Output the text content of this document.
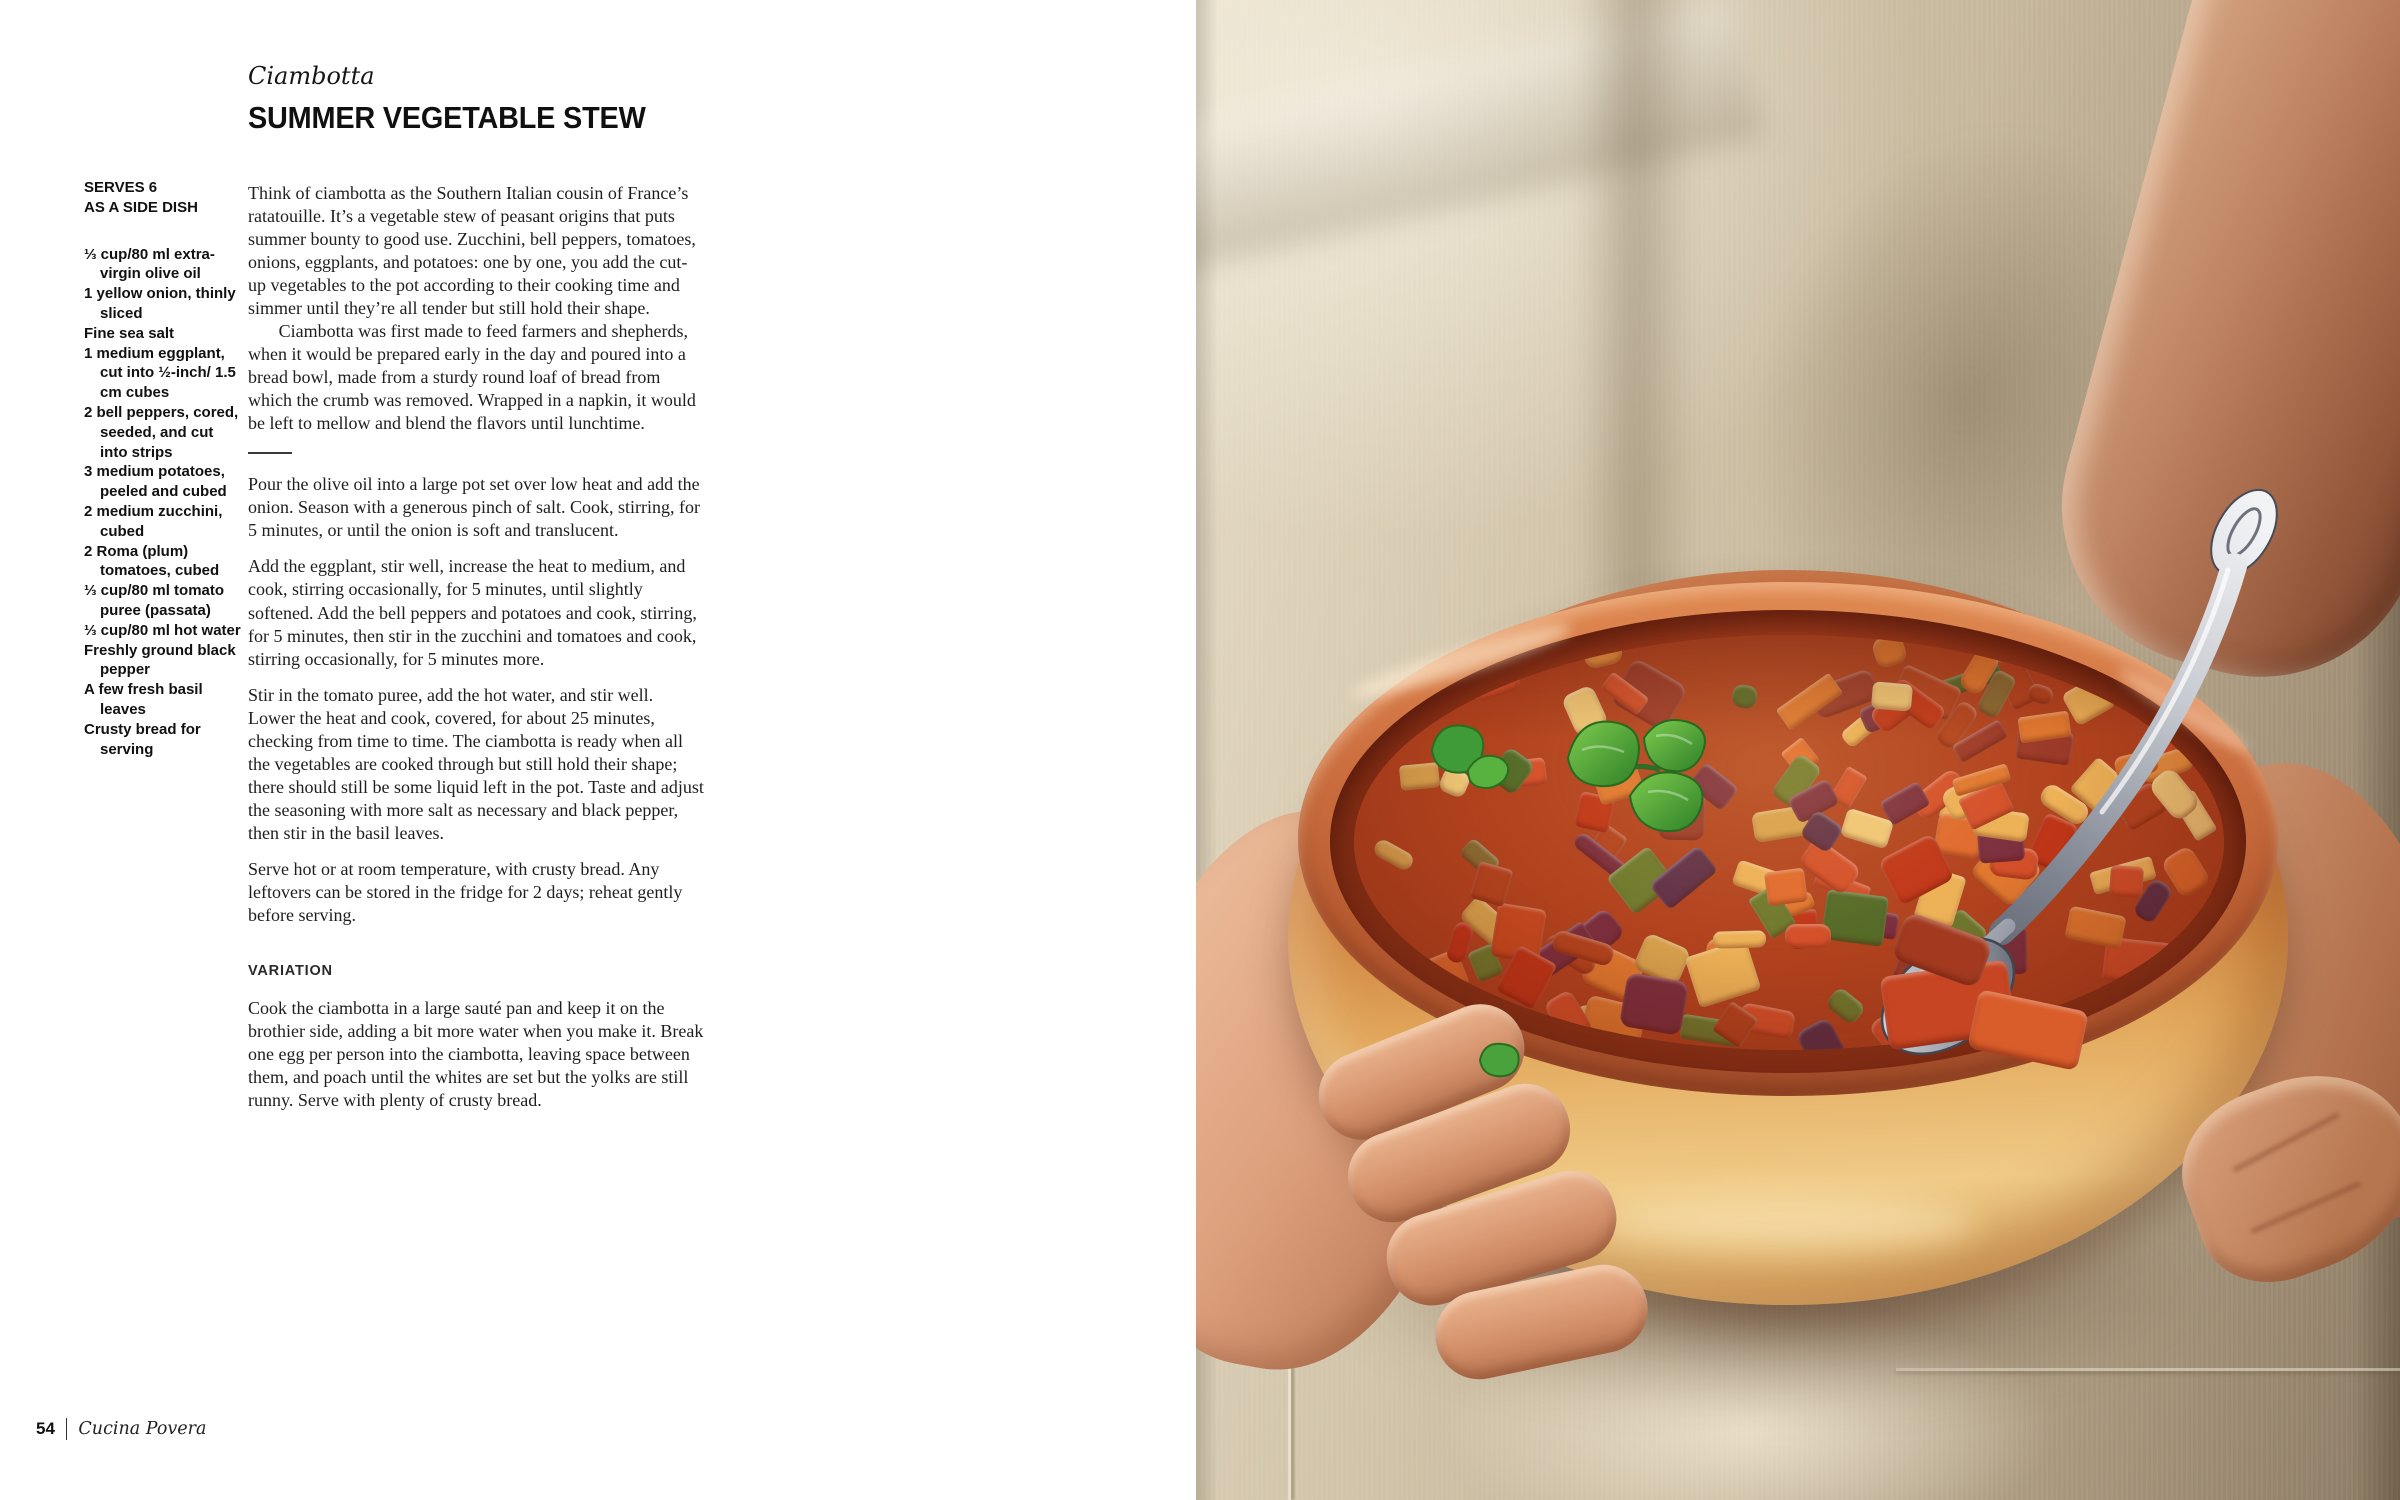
SERVES 6
AS A SIDE DISH
⅓ cup/80 ml extra-virgin olive oil
1 yellow onion, thinly sliced
Fine sea salt
1 medium eggplant, cut into ½-inch/ 1.5 cm cubes
2 bell peppers, cored, seeded, and cut into strips
3 medium potatoes, peeled and cubed
2 medium zucchini, cubed
2 Roma (plum) tomatoes, cubed
⅓ cup/80 ml tomato puree (passata)
⅓ cup/80 ml hot water
Freshly ground black pepper
A few fresh basil leaves
Crusty bread for serving
Ciambotta
SUMMER VEGETABLE STEW

Think of ciambotta as the Southern Italian cousin of France’s ratatouille. It’s a vegetable stew of peasant origins that puts summer bounty to good use. Zucchini, bell peppers, tomatoes, onions, eggplants, and potatoes: one by one, you add the cut-up vegetables to the pot according to their cooking time and simmer until they’re all tender but still hold their shape.

Ciambotta was first made to feed farmers and shepherds, when it would be prepared early in the day and poured into a bread bowl, made from a sturdy round loaf of bread from which the crumb was removed. Wrapped in a napkin, it would be left to mellow and blend the flavors until lunchtime.

Pour the olive oil into a large pot set over low heat and add the onion. Season with a generous pinch of salt. Cook, stirring, for 5 minutes, or until the onion is soft and translucent.

Add the eggplant, stir well, increase the heat to medium, and cook, stirring occasionally, for 5 minutes, until slightly softened. Add the bell peppers and potatoes and cook, stirring, for 5 minutes, then stir in the zucchini and tomatoes and cook, stirring occasionally, for 5 minutes more.

Stir in the tomato puree, add the hot water, and stir well. Lower the heat and cook, covered, for about 25 minutes, checking from time to time. The ciambotta is ready when all the vegetables are cooked through but still hold their shape; there should still be some liquid left in the pot. Taste and adjust the seasoning with more salt as necessary and black pepper, then stir in the basil leaves.

Serve hot or at room temperature, with crusty bread. Any leftovers can be stored in the fridge for 2 days; reheat gently before serving.

VARIATION

Cook the ciambotta in a large sauté pan and keep it on the brothier side, adding a bit more water when you make it. Break one egg per person into the ciambotta, leaving space between them, and poach until the whites are set but the yolks are still runny. Serve with plenty of crusty bread.

54 Cucina Povera
